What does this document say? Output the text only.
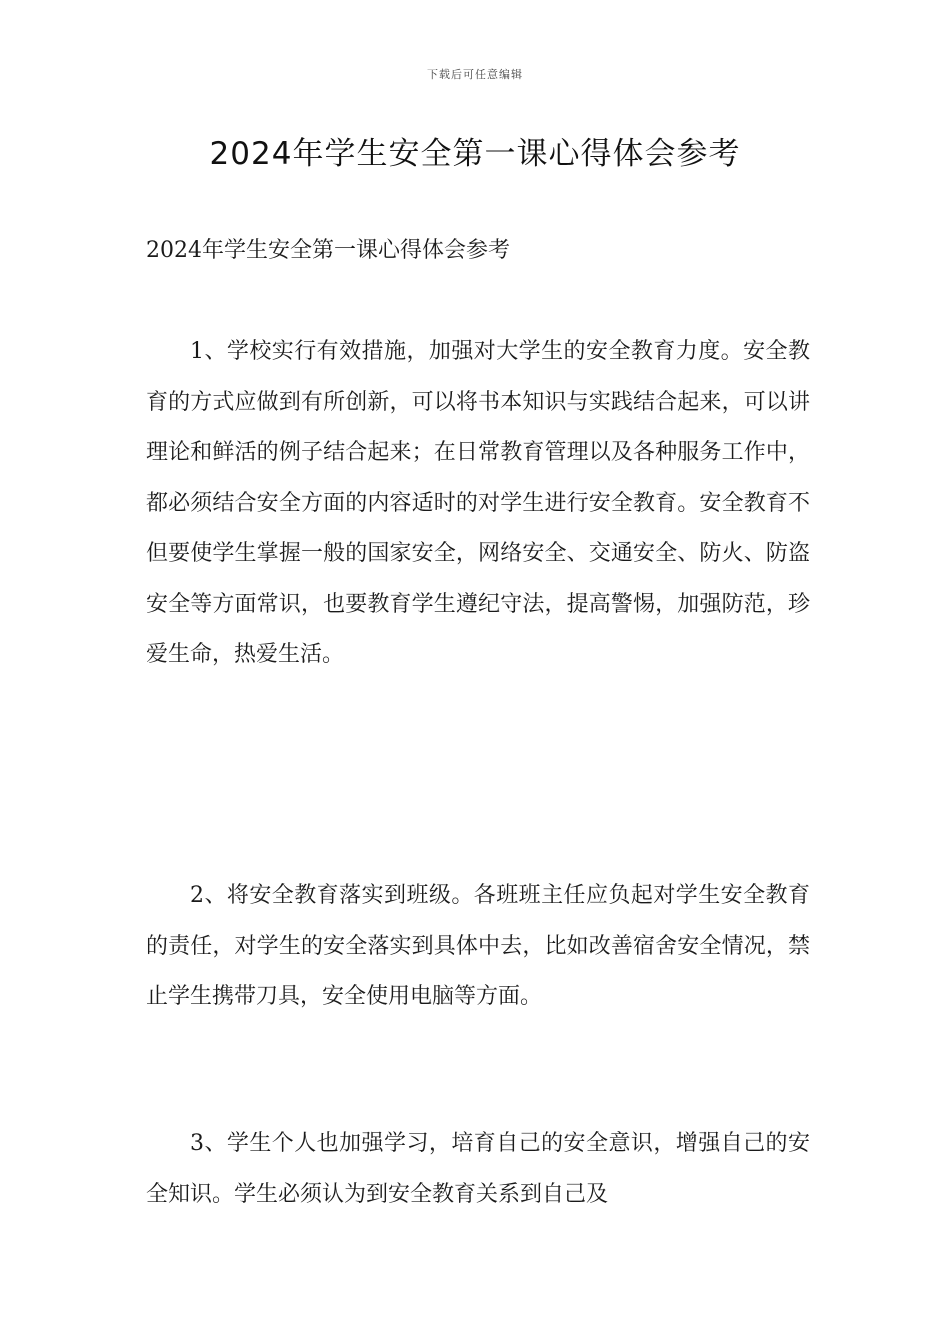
下载后可任意编辑
2024年学生安全第一课心得体会参考
2024年学生安全第一课心得体会参考

1、学校实行有效措施，加强对大学生的安全教育力度。安全教育的方式应做到有所创新，可以将书本知识与实践结合起来，可以讲理论和鲜活的例子结合起来；在日常教育管理以及各种服务工作中，都必须结合安全方面的内容适时的对学生进行安全教育。安全教育不但要使学生掌握一般的国家安全，网络安全、交通安全、防火、防盗安全等方面常识，也要教育学生遵纪守法，提高警惕，加强防范，珍爱生命，热爱生活。

2、将安全教育落实到班级。各班班主任应负起对学生安全教育的责任，对学生的安全落实到具体中去，比如改善宿舍安全情况，禁止学生携带刀具，安全使用电脑等方面。

3、学生个人也加强学习，培育自己的安全意识，增强自己的安全知识。学生必须认为到安全教育关系到自己及
